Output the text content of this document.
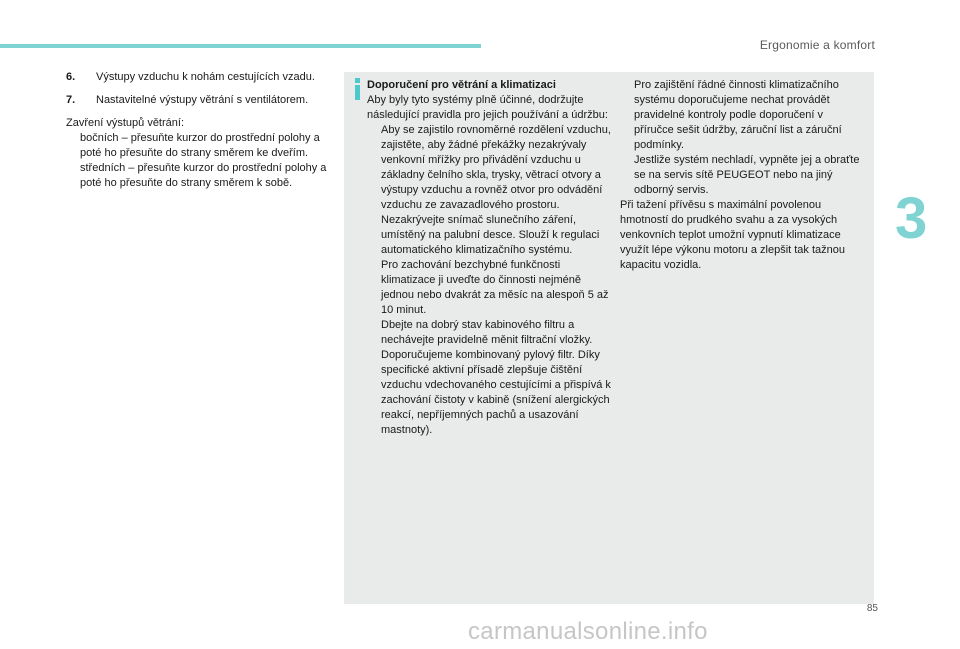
Ergonomie a komfort
3
6.	Výstupy vzduchu k nohám cestujících vzadu.
7.	Nastavitelné výstupy větrání s ventilátorem.
Zavření výstupů větrání:
bočních – přesuňte kurzor do prostřední polohy a poté ho přesuňte do strany směrem ke dveřím.
středních – přesuňte kurzor do prostřední polohy a poté ho přesuňte do strany směrem k sobě.
Doporučení pro větrání a klimatizaci
Aby byly tyto systémy plně účinné, dodržujte následující pravidla pro jejich používání a údržbu:
Aby se zajistilo rovnoměrné rozdělení vzduchu, zajistěte, aby žádné překážky nezakrývaly venkovní mřížky pro přivádění vzduchu u základny čelního skla, trysky, větrací otvory a výstupy vzduchu a rovněž otvor pro odvádění vzduchu ze zavazadlového prostoru.
Nezakrývejte snímač slunečního záření, umístěný na palubní desce. Slouží k regulaci automatického klimatizačního systému.
Pro zachování bezchybné funkčnosti klimatizace ji uveďte do činnosti nejméně jednou nebo dvakrát za měsíc na alespoň 5 až 10 minut.
Dbejte na dobrý stav kabinového filtru a nechávejte pravidelně měnit filtrační vložky. Doporučujeme kombinovaný pylový filtr. Díky specifické aktivní přísadě zlepšuje čištění vzduchu vdechovaného cestujícími a přispívá k zachování čistoty v kabině (snížení alergických reakcí, nepříjemných pachů a usazování mastnoty).
Pro zajištění řádné činnosti klimatizačního systému doporučujeme nechat provádět pravidelné kontroly podle doporučení v příručce sešit údržby, záruční list a záruční podmínky.
Jestliže systém nechladí, vypněte jej a obraťte se na servis sítě PEUGEOT nebo na jiný odborný servis.
Při tažení přívěsu s maximální povolenou hmotností do prudkého svahu a za vysokých venkovních teplot umožní vypnutí klimatizace využít lépe výkonu motoru a zlepšit tak tažnou kapacitu vozidla.
85
carmanualsonline.info
